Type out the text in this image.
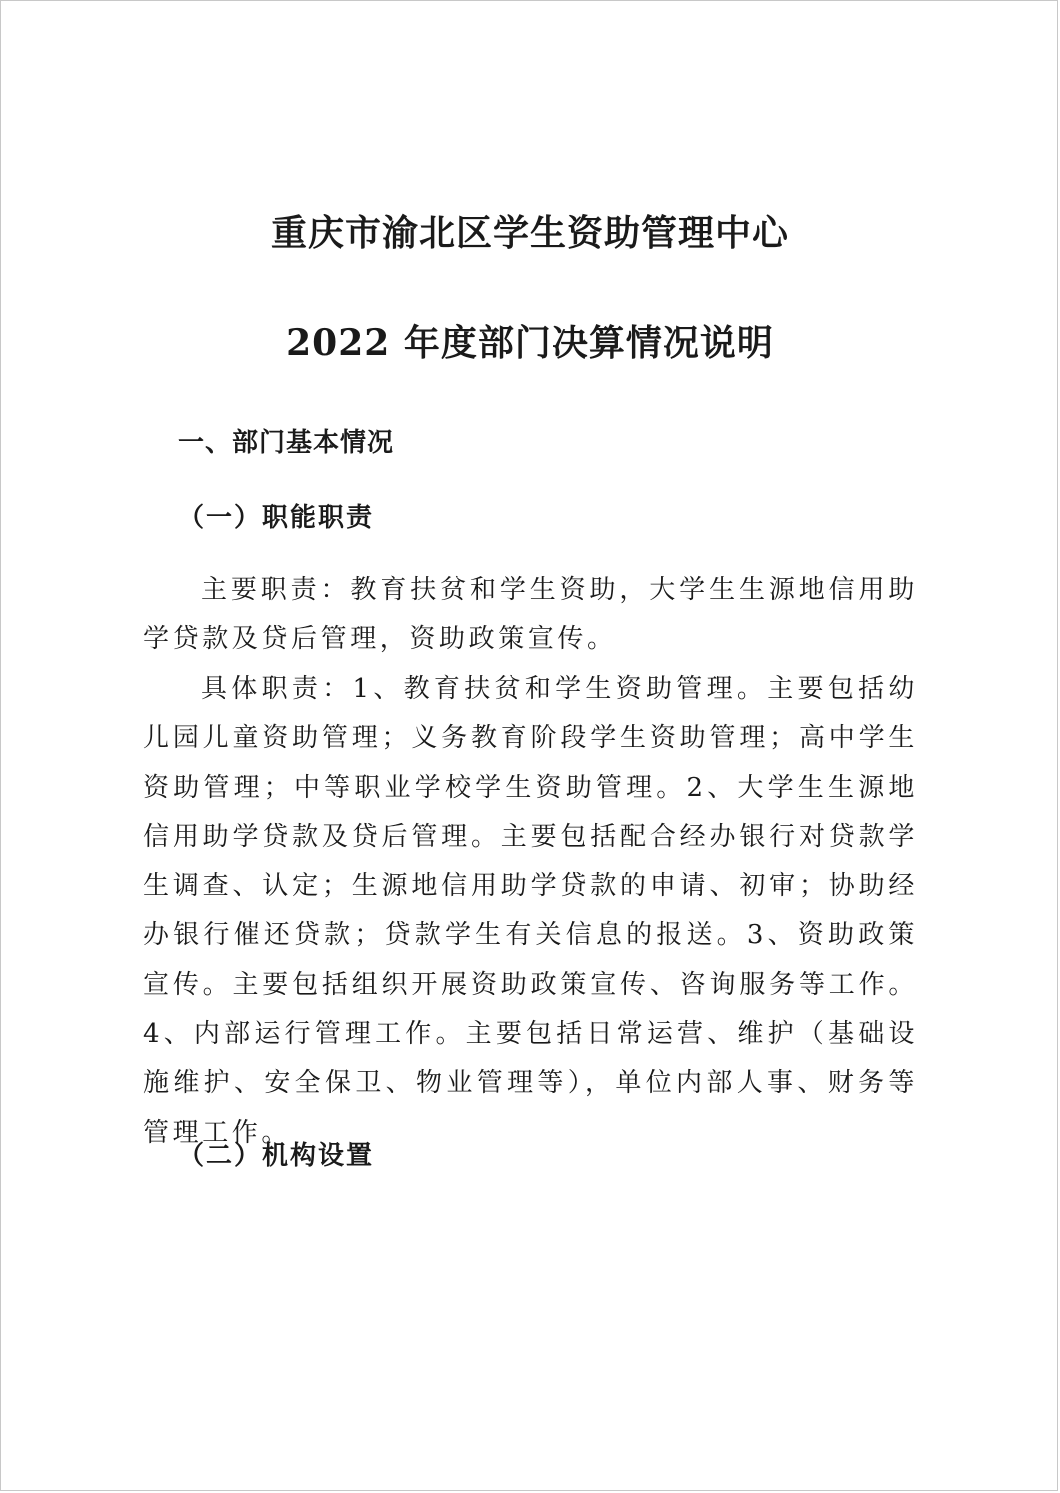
重庆市渝北区学生资助管理中心
2022 年度部门决算情况说明
一、部门基本情况
（一）职能职责

主要职责：教育扶贫和学生资助，大学生生源地信用助学贷款及贷后管理，资助政策宣传。

具体职责：1、教育扶贫和学生资助管理。主要包括幼儿园儿童资助管理；义务教育阶段学生资助管理；高中学生资助管理；中等职业学校学生资助管理。2、大学生生源地信用助学贷款及贷后管理。主要包括配合经办银行对贷款学生调查、认定；生源地信用助学贷款的申请、初审；协助经办银行催还贷款；贷款学生有关信息的报送。3、资助政策宣传。主要包括组织开展资助政策宣传、咨询服务等工作。4、内部运行管理工作。主要包括日常运营、维护（基础设施维护、安全保卫、物业管理等），单位内部人事、财务等管理工作。

（二）机构设置
